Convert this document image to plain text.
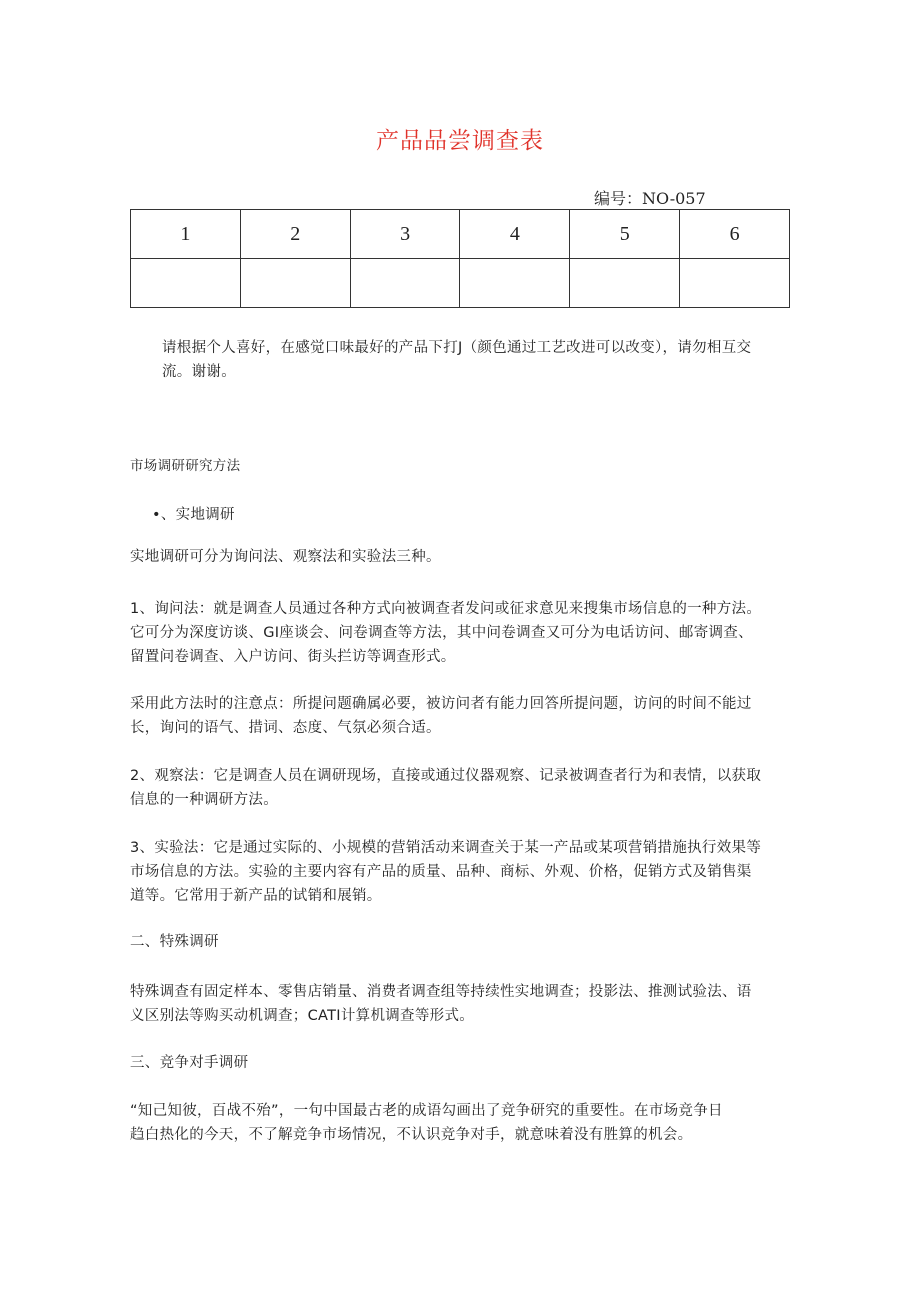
产品品尝调查表
编号：NO-057
1	2	3	4	5	6

请根据个人喜好，在感觉口味最好的产品下打J（颜色通过工艺改进可以改变），请勿相互交
流。谢谢。
市场调研研究方法
•、实地调研
实地调研可分为询问法、观察法和实验法三种。
1、询问法：就是调查人员通过各种方式向被调查者发问或征求意见来搜集市场信息的一种方法。
它可分为深度访谈、GI座谈会、问卷调查等方法，其中问卷调查又可分为电话访问、邮寄调查、
留置问卷调查、入户访问、街头拦访等调查形式。
采用此方法时的注意点：所提问题确属必要，被访问者有能力回答所提问题，访问的时间不能过
长，询问的语气、措词、态度、气氛必须合适。
2、观察法：它是调查人员在调研现场，直接或通过仪器观察、记录被调查者行为和表情，以获取
信息的一种调研方法。
3、实验法：它是通过实际的、小规模的营销活动来调查关于某一产品或某项营销措施执行效果等
市场信息的方法。实验的主要内容有产品的质量、品种、商标、外观、价格，促销方式及销售渠
道等。它常用于新产品的试销和展销。
二、特殊调研
特殊调查有固定样本、零售店销量、消费者调查组等持续性实地调查；投影法、推测试验法、语
义区别法等购买动机调查；CATI计算机调查等形式。
三、竞争对手调研
“知己知彼，百战不殆”，一句中国最古老的成语勾画出了竞争研究的重要性。在市场竞争日
趋白热化的今天，不了解竞争市场情况，不认识竞争对手，就意味着没有胜算的机会。
